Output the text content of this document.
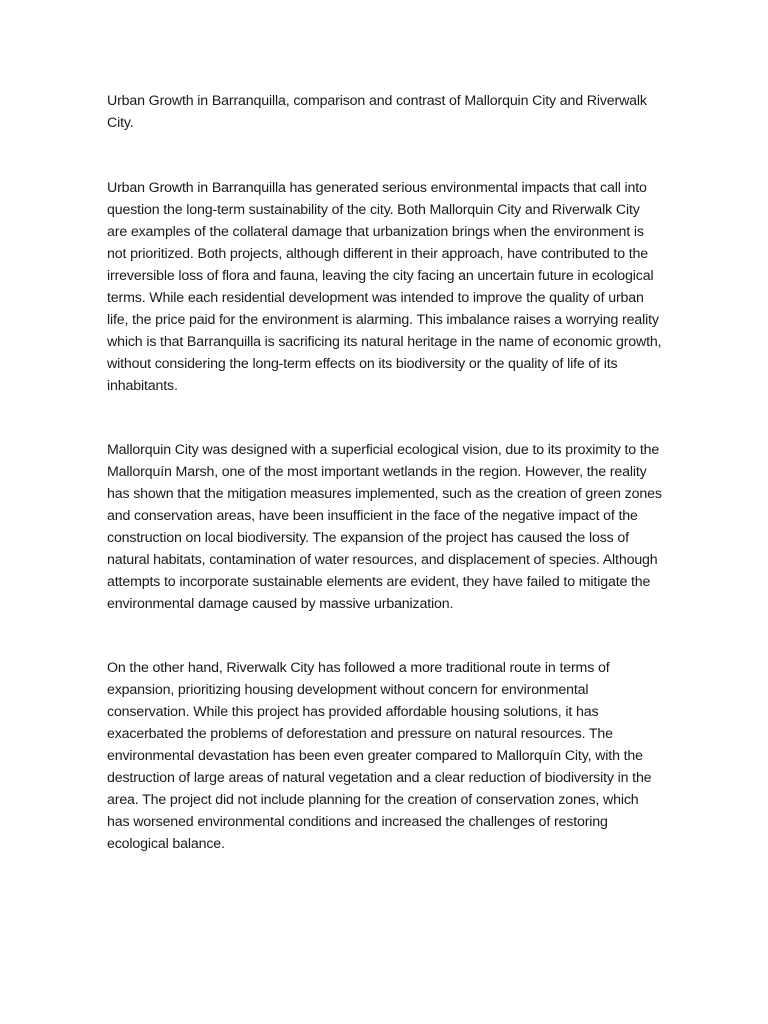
Urban Growth in Barranquilla, comparison and contrast of Mallorquin City and Riverwalk City.

Urban Growth in Barranquilla has generated serious environmental impacts that call into question the long-term sustainability of the city. Both Mallorquin City and Riverwalk City are examples of the collateral damage that urbanization brings when the environment is not prioritized. Both projects, although different in their approach, have contributed to the irreversible loss of flora and fauna, leaving the city facing an uncertain future in ecological terms. While each residential development was intended to improve the quality of urban life, the price paid for the environment is alarming. This imbalance raises a worrying reality which is that Barranquilla is sacrificing its natural heritage in the name of economic growth, without considering the long-term effects on its biodiversity or the quality of life of its inhabitants.

Mallorquin City was designed with a superficial ecological vision, due to its proximity to the Mallorquín Marsh, one of the most important wetlands in the region. However, the reality has shown that the mitigation measures implemented, such as the creation of green zones and conservation areas, have been insufficient in the face of the negative impact of the construction on local biodiversity. The expansion of the project has caused the loss of natural habitats, contamination of water resources, and displacement of species. Although attempts to incorporate sustainable elements are evident, they have failed to mitigate the environmental damage caused by massive urbanization.

On the other hand, Riverwalk City has followed a more traditional route in terms of expansion, prioritizing housing development without concern for environmental conservation. While this project has provided affordable housing solutions, it has exacerbated the problems of deforestation and pressure on natural resources. The environmental devastation has been even greater compared to Mallorquín City, with the destruction of large areas of natural vegetation and a clear reduction of biodiversity in the area. The project did not include planning for the creation of conservation zones, which has worsened environmental conditions and increased the challenges of restoring ecological balance.
